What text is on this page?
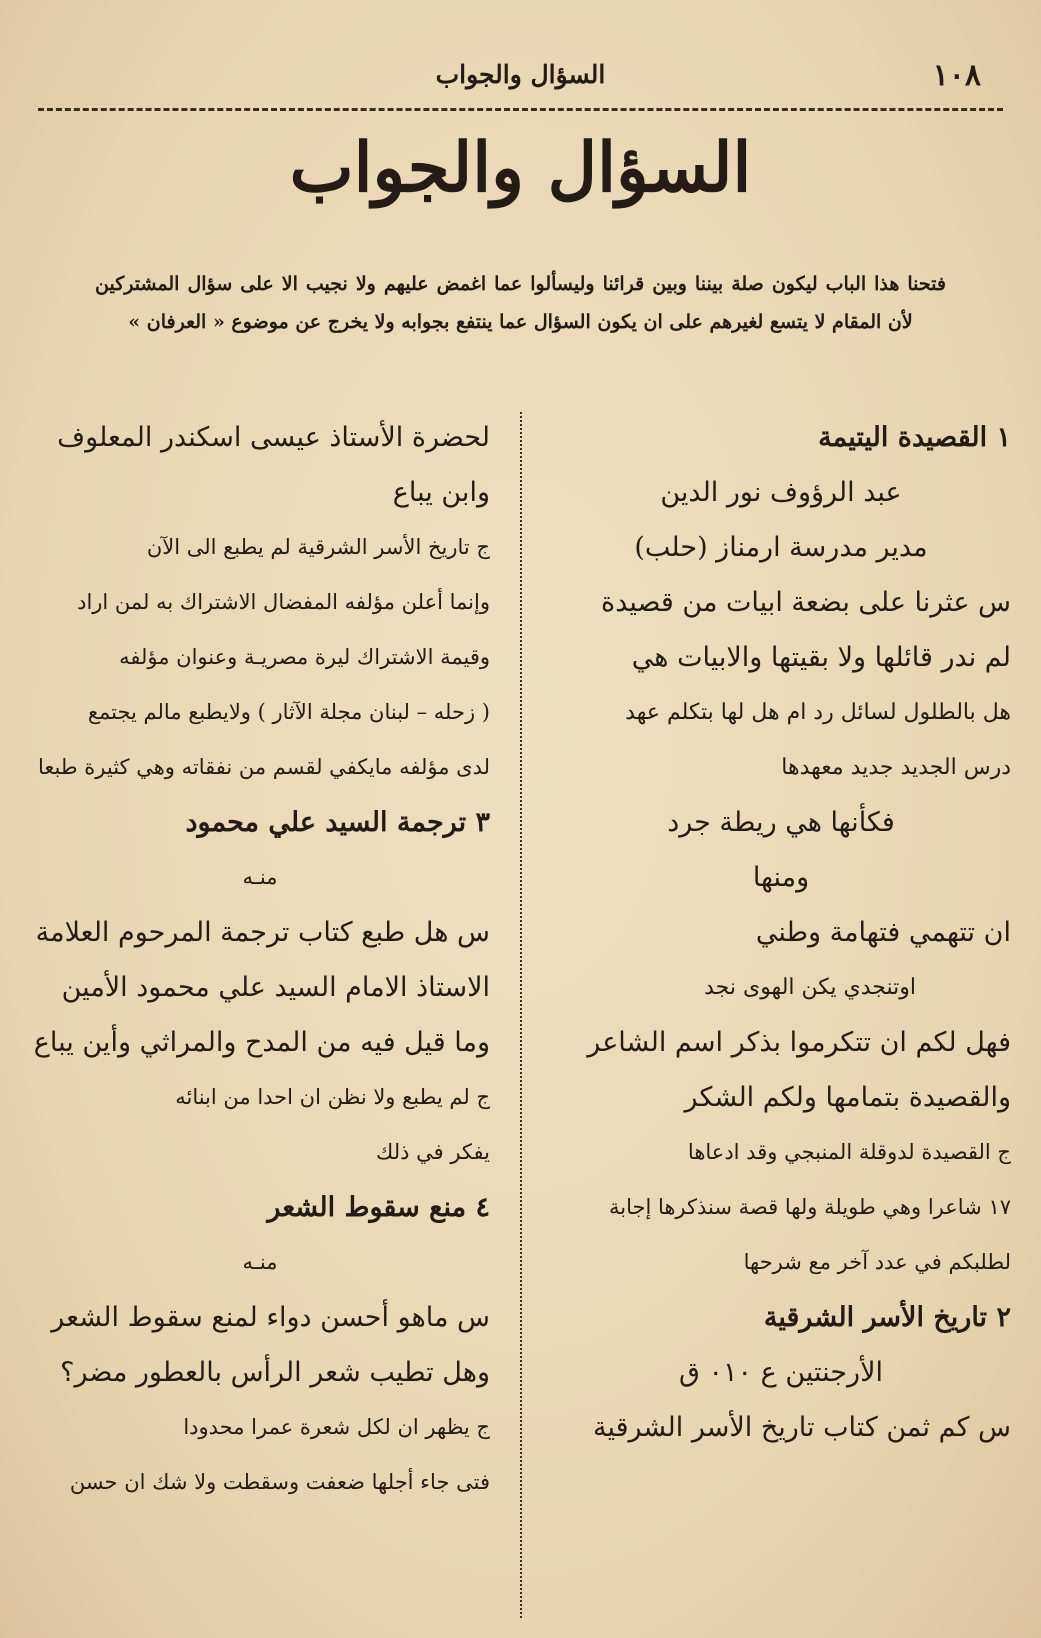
١٠٨
السؤال والجواب
السؤال والجواب
فتحنا هذا الباب ليكون صلة بيننا وبين قرائنا وليسألوا عما اغمض عليهم ولا نجيب الا على سؤال المشتركين لأن المقام لا يتسع لغيرهم على ان يكون السؤال عما ينتفع بجوابه ولا يخرج عن موضوع « العرفان »
١ القصيدة اليتيمة
عبد الرؤوف نور الدين
مدير مدرسة ارمناز (حلب)
س عثرنا على بضعة ابيات من قصيدة
لم ندر قائلها ولا بقيتها والابيات هي
هل بالطلول لسائل رد ام هل لها بتكلم عهد
درس الجديد جديد معهدها
فكأنها هي ريطة جرد
ومنها
ان تتهمي فتهامة وطني
اوتنجدي يكن الهوى نجد
فهل لكم ان تتكرموا بذكر اسم الشاعر
والقصيدة بتمامها ولكم الشكر
ج القصيدة لدوقلة المنبجي وقد ادعاها
١٧ شاعرا وهي طويلة ولها قصة سنذكرها إجابة
لطلبكم في عدد آخر مع شرحها
٢ تاريخ الأسر الشرقية
الأرجنتين ع ٠١٠ ق
س كم ثمن كتاب تاريخ الأسر الشرقية
لحضرة الأستاذ عيسى اسكندر المعلوف
وابن يباع
ج تاريخ الأسر الشرقية لم يطبع الى الآن
وإنما أعلن مؤلفه المفضال الاشتراك به لمن اراد
وقيمة الاشتراك ليرة مصريـة وعنوان مؤلفه
( زحله – لبنان مجلة الآثار ) ولايطبع مالم يجتمع
لدى مؤلفه مايكفي لقسم من نفقاته وهي كثيرة طبعا
٣ ترجمة السيد علي محمود
منـه
س هل طبع كتاب ترجمة المرحوم العلامة
الاستاذ الامام السيد علي محمود الأمين
وما قيل فيه من المدح والمراثي وأين يباع
ج لم يطبع ولا نظن ان احدا من ابنائه
يفكر في ذلك
٤ منع سقوط الشعر
منـه
س ماهو أحسن دواء لمنع سقوط الشعر
وهل تطيب شعر الرأس بالعطور مضر؟
ج يظهر ان لكل شعرة عمرا محدودا
فتى جاء أجلها ضعفت وسقطت ولا شك ان حسن
